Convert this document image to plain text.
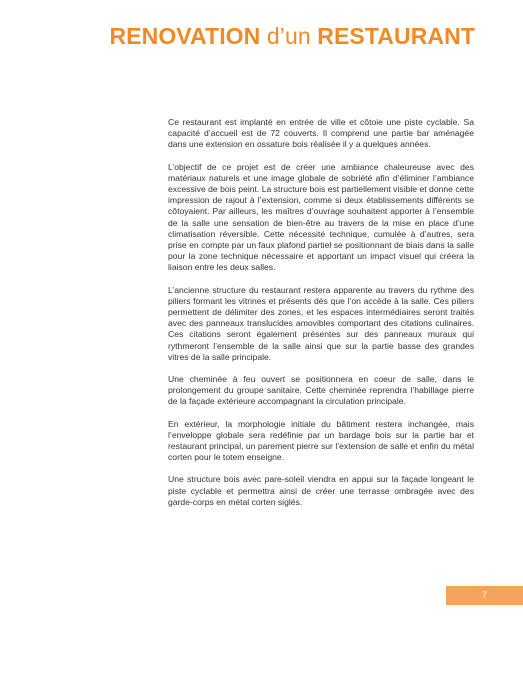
RENOVATION d’un RESTAURANT

Ce restaurant est implanté en entrée de ville et côtoie une piste cyclable. Sa capacité d’accueil est de 72 couverts. Il comprend une partie bar aménagée dans une extension en ossature bois réalisée il y a quelques années.

L’objectif de ce projet est de créer une ambiance chaleureuse avec des matériaux naturels et une image globale de sobriété afin d’éliminer l’ambiance excessive de bois peint. La structure bois est partiellement visible et donne cette impression de rajout à l’extension, comme si deux établissements différents se côtoyaient. Par ailleurs, les maîtres d’ouvrage souhaitent apporter à l’ensemble de la salle une sensation de bien-être au travers de la mise en place d’une climatisation réversible. Cette nécessité technique, cumulée à d’autres, sera prise en compte par un faux plafond partiel se positionnant de biais dans la salle pour la zone technique nécessaire et apportant un impact visuel qui créera la liaison entre les deux salles.

L’ancienne structure du restaurant restera apparente au travers du rythme des piliers formant les vitrines et présents dès que l’on accède à la salle. Ces piliers permettent de délimiter des zones, et les espaces intermédiaires seront traités avec des panneaux translucides amovibles comportant des citations culinaires. Ces citations seront également présentes sur des panneaux muraux qui rythmeront l’ensemble de la salle ainsi que sur la partie basse des grandes vitres de la salle principale.

Une cheminée à feu ouvert se positionnera en coeur de salle, dans le prolongement du groupe sanitaire. Cette cheminée reprendra l’habillage pierre de la façade extérieure accompagnant la circulation principale.

En extérieur, la morphologie initiale du bâtiment restera inchangée, mais l’enveloppe globale sera redéfinie par un bardage bois sur la partie bar et restaurant principal, un parement pierre sur l’extension de salle et enfin du métal corten pour le totem enseigne.

Une structure bois avec pare-soleil viendra en appui sur la façade longeant le piste cyclable et permettra ainsi de créer une terrasse ombragée avec des garde-corps en métal corten siglés.

7
